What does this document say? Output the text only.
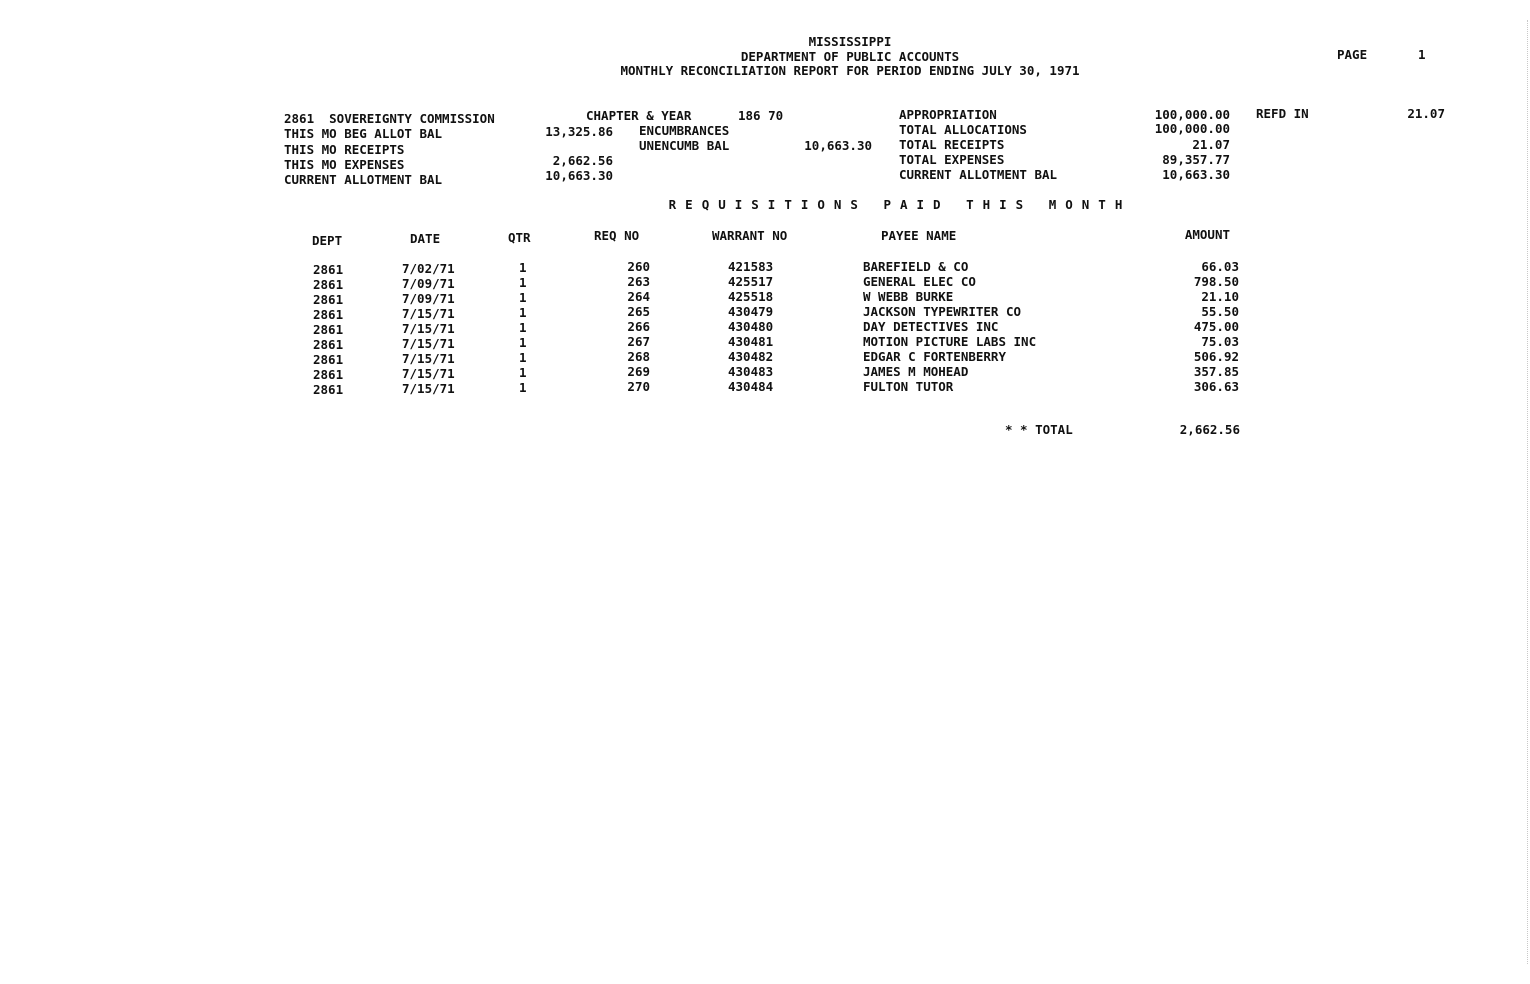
MISSISSIPPI
DEPARTMENT OF PUBLIC ACCOUNTS
MONTHLY RECONCILIATION REPORT FOR PERIOD ENDING JULY 30, 1971
PAGE	1
2861  SOVEREIGNTY COMMISSION
THIS MO BEG ALLOT BAL	13,325.86
THIS MO RECEIPTS
THIS MO EXPENSES	2,662.56
CURRENT ALLOTMENT BAL	10,663.30
CHAPTER & YEAR	186 70
ENCUMBRANCES
UNENCUMB BAL	10,663.30
APPROPRIATION	100,000.00 REFD IN	21.07
TOTAL ALLOCATIONS	100,000.00
TOTAL RECEIPTS	21.07
TOTAL EXPENSES	89,357.77
CURRENT ALLOTMENT BAL	10,663.30
REQUISITIONS PAID THIS MONTH
DEPT	DATE	QTR	REQ NO	WARRANT NO	PAYEE NAME	AMOUNT
2861	7/02/71	1	260	421583	BAREFIELD & CO	66.03
2861	7/09/71	1	263	425517	GENERAL ELEC CO	798.50
2861	7/09/71	1	264	425518	W WEBB BURKE	21.10
2861	7/15/71	1	265	430479	JACKSON TYPEWRITER CO	55.50
2861	7/15/71	1	266	430480	DAY DETECTIVES INC	475.00
2861	7/15/71	1	267	430481	MOTION PICTURE LABS INC	75.03
2861	7/15/71	1	268	430482	EDGAR C FORTENBERRY	506.92
2861	7/15/71	1	269	430483	JAMES M MOHEAD	357.85
2861	7/15/71	1	270	430484	FULTON TUTOR	306.63
* * TOTAL	2,662.56
